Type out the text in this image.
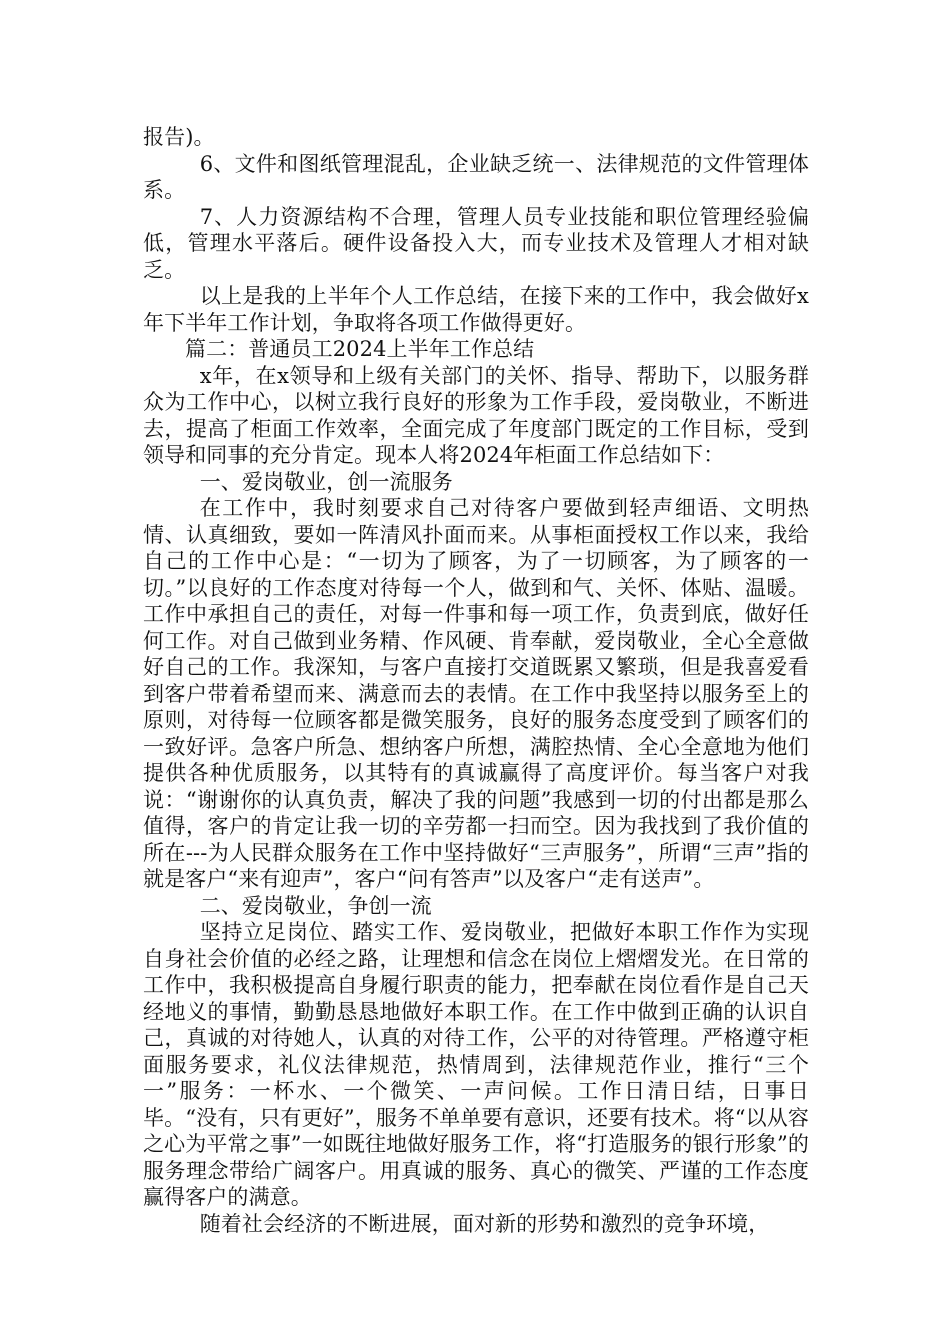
报告)。

6、文件和图纸管理混乱，企业缺乏统一、法律规范的文件管理体系。

7、人力资源结构不合理，管理人员专业技能和职位管理经验偏低，管理水平落后。硬件设备投入大，而专业技术及管理人才相对缺乏。

以上是我的上半年个人工作总结，在接下来的工作中，我会做好x年下半年工作计划，争取将各项工作做得更好。

篇二：普通员工2024上半年工作总结

x年，在x领导和上级有关部门的关怀、指导、帮助下，以服务群众为工作中心，以树立我行良好的形象为工作手段，爱岗敬业，不断进去，提高了柜面工作效率，全面完成了年度部门既定的工作目标，受到领导和同事的充分肯定。现本人将2024年柜面工作总结如下：

一、爱岗敬业，创一流服务

在工作中，我时刻要求自己对待客户要做到轻声细语、文明热情、认真细致，要如一阵清风扑面而来。从事柜面授权工作以来，我给自己的工作中心是：“一切为了顾客，为了一切顾客，为了顾客的一切。”以良好的工作态度对待每一个人，做到和气、关怀、体贴、温暖。工作中承担自己的责任，对每一件事和每一项工作，负责到底，做好任何工作。对自己做到业务精、作风硬、肯奉献，爱岗敬业，全心全意做好自己的工作。我深知，与客户直接打交道既累又繁琐，但是我喜爱看到客户带着希望而来、满意而去的表情。在工作中我坚持以服务至上的原则，对待每一位顾客都是微笑服务，良好的服务态度受到了顾客们的一致好评。急客户所急、想纳客户所想，满腔热情、全心全意地为他们提供各种优质服务，以其特有的真诚赢得了高度评价。每当客户对我说：“谢谢你的认真负责，解决了我的问题”我感到一切的付出都是那么值得，客户的肯定让我一切的辛劳都一扫而空。因为我找到了我价值的所在---为人民群众服务在工作中坚持做好“三声服务”，所谓“三声”指的就是客户“来有迎声”，客户“问有答声”以及客户“走有送声”。

二、爱岗敬业，争创一流

坚持立足岗位、踏实工作、爱岗敬业，把做好本职工作作为实现自身社会价值的必经之路，让理想和信念在岗位上熠熠发光。在日常的工作中，我积极提高自身履行职责的能力，把奉献在岗位看作是自己天经地义的事情，勤勤恳恳地做好本职工作。在工作中做到正确的认识自己，真诚的对待她人，认真的对待工作，公平的对待管理。严格遵守柜面服务要求，礼仪法律规范，热情周到，法律规范作业，推行“三个一”服务：一杯水、一个微笑、一声问候。工作日清日结，日事日毕。“没有，只有更好”，服务不单单要有意识，还要有技术。将“以从容之心为平常之事”一如既往地做好服务工作，将“打造服务的银行形象”的服务理念带给广阔客户。用真诚的服务、真心的微笑、严谨的工作态度赢得客户的满意。

随着社会经济的不断进展，面对新的形势和激烈的竞争环境，
